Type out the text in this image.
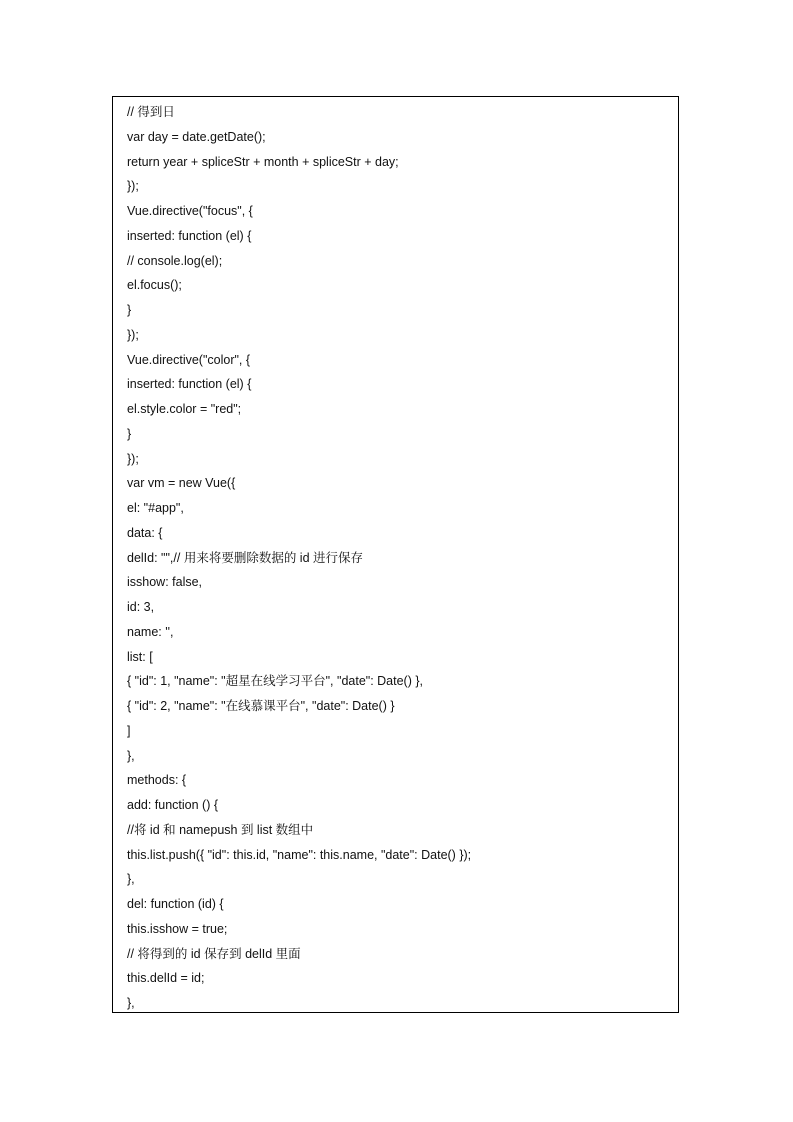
// 得到日
var day = date.getDate();
return year + spliceStr + month + spliceStr + day;
});
Vue.directive("focus", {
inserted: function (el) {
// console.log(el);
el.focus();
}
});
Vue.directive("color", {
inserted: function (el) {
el.style.color = "red";
}
});
var vm = new Vue({
el: "#app",
data: {
delId: "",// 用来将要删除数据的 id 进行保存
isshow: false,
id: 3,
name: '',
list: [
{ "id": 1, "name": "超星在线学习平台", "date": Date() },
{ "id": 2, "name": "在线慕课平台", "date": Date() }
]
},
methods: {
add: function () {
//将 id 和 namepush 到 list 数组中
this.list.push({ "id": this.id, "name": this.name, "date": Date() });
},
del: function (id) {
this.isshow = true;
// 将得到的 id 保存到 delId 里面
this.delId = id;
},
